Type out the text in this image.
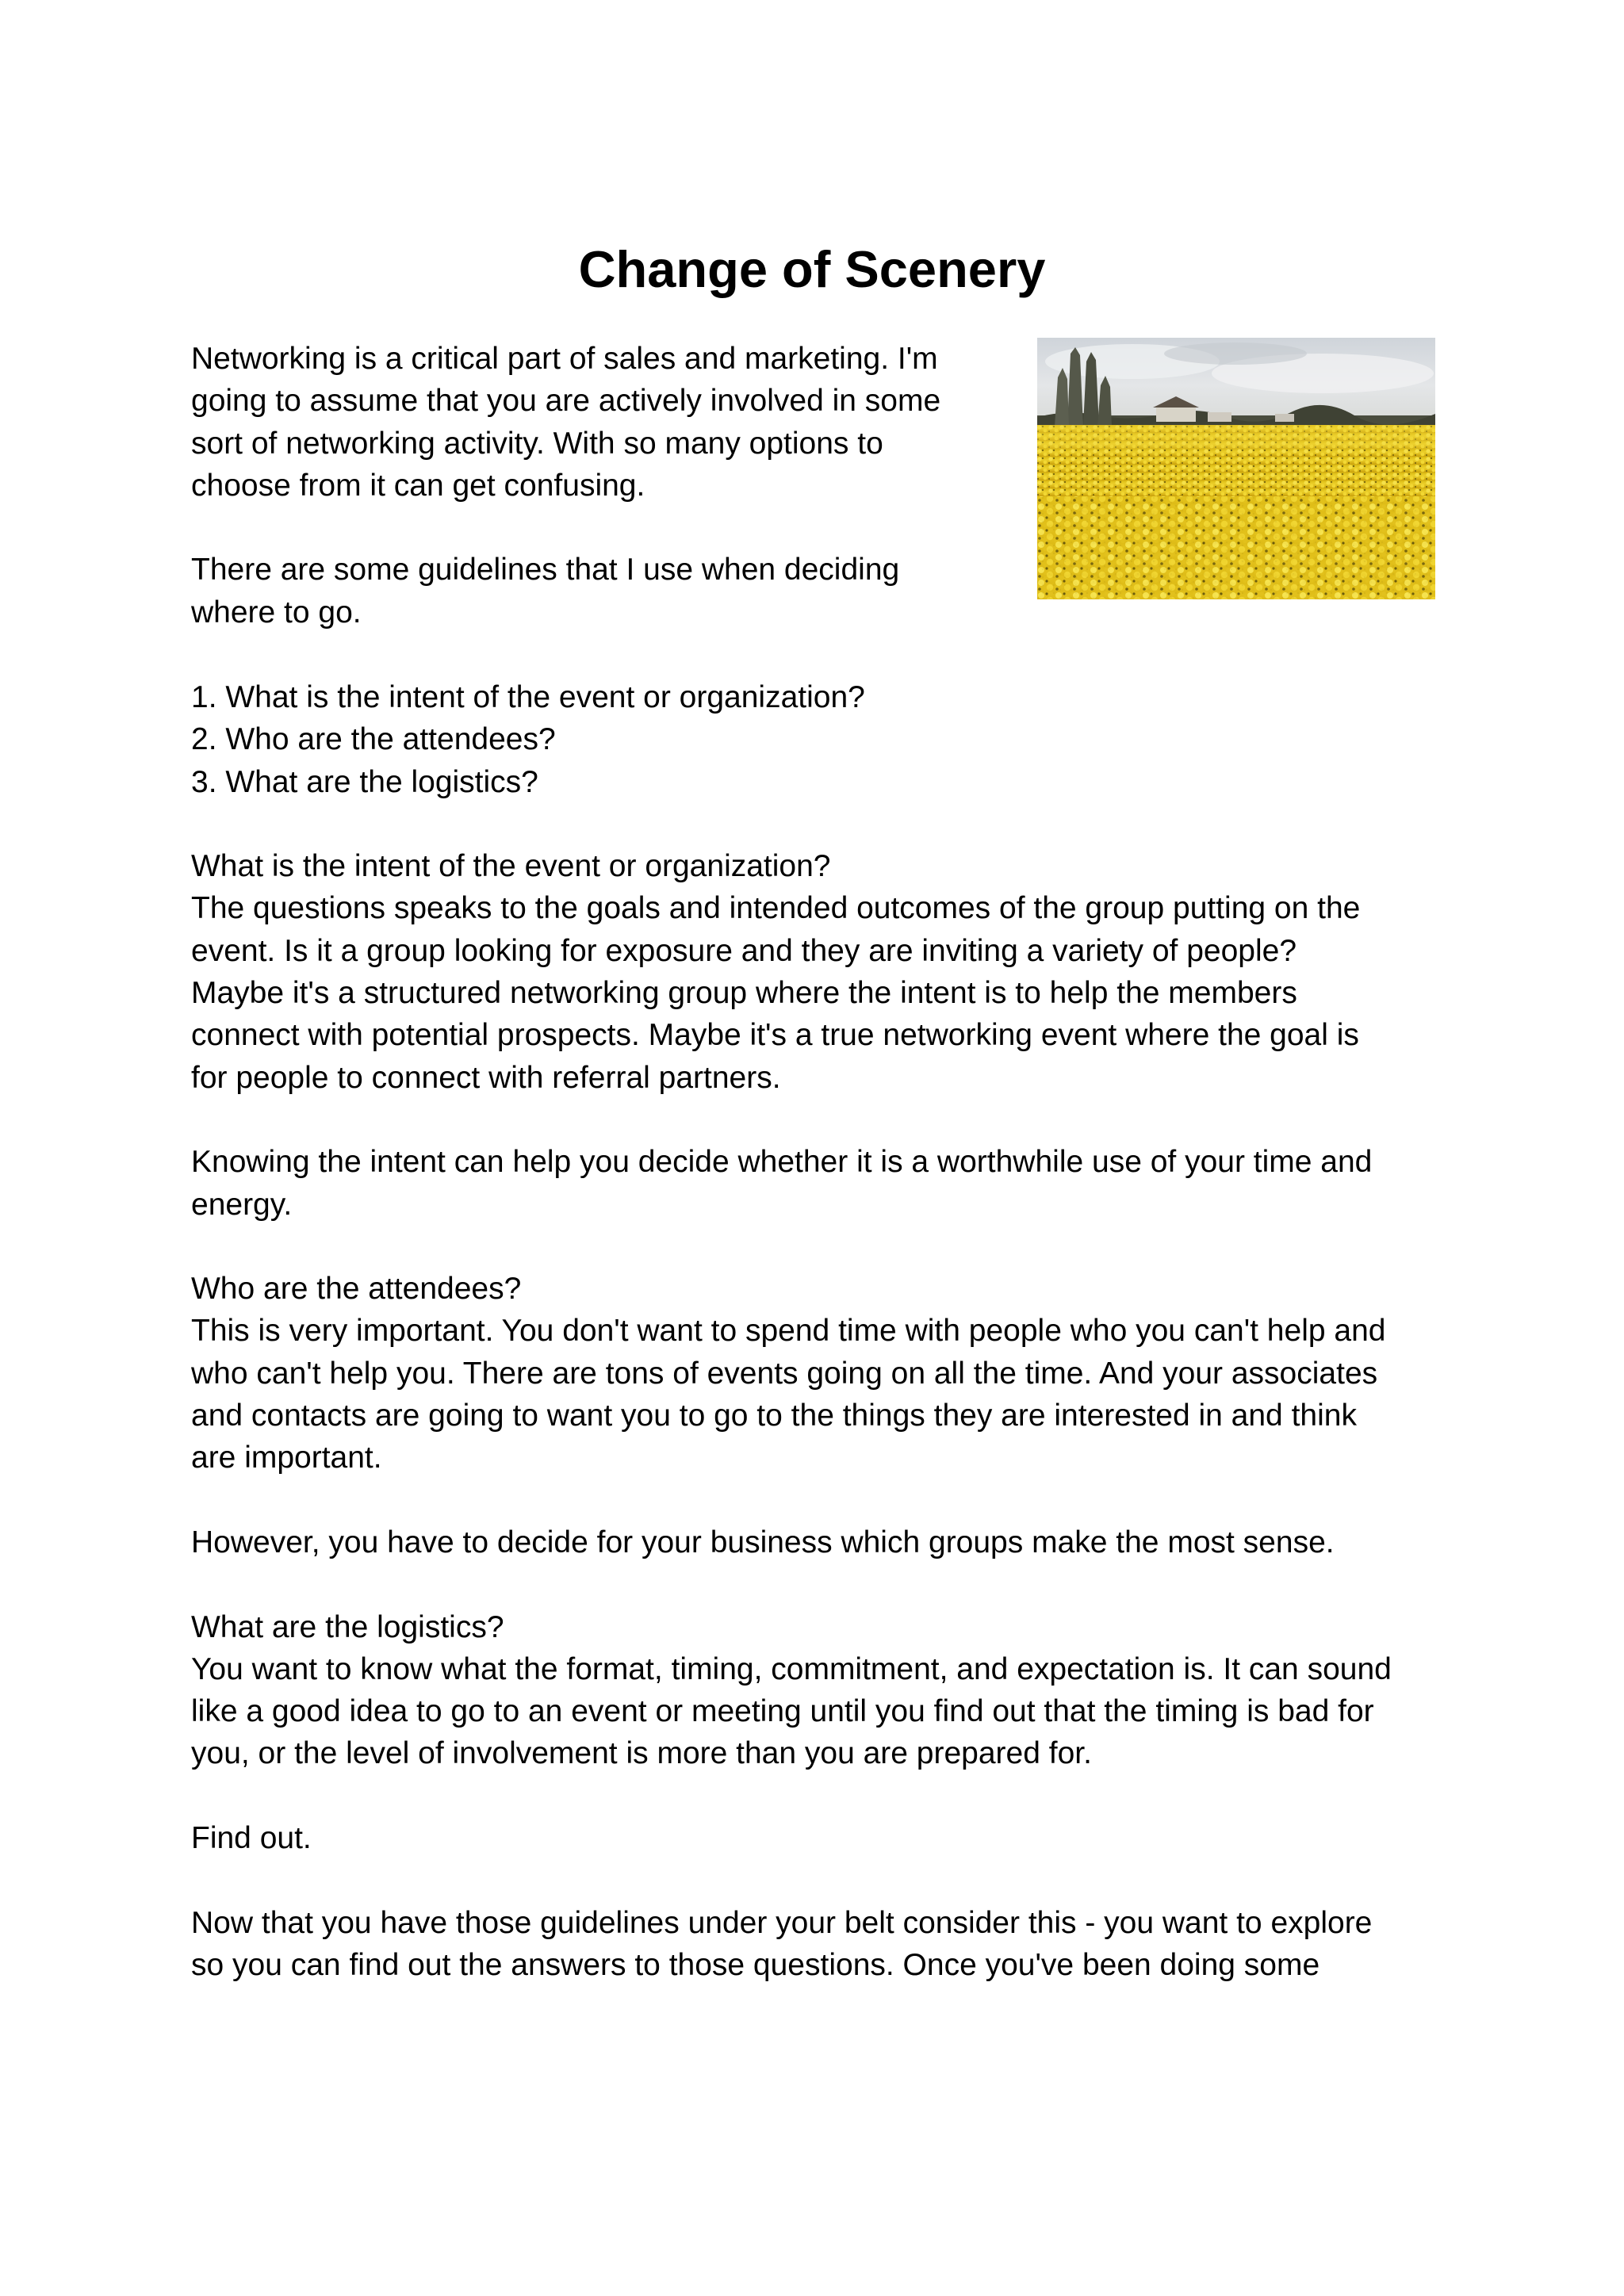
Change of Scenery
Networking is a critical part of sales and marketing. I'm
going to assume that you are actively involved in some
sort of networking activity. With so many options to
choose from it can get confusing.
There are some guidelines that I use when deciding
where to go.
1. What is the intent of the event or organization?
2. Who are the attendees?
3. What are the logistics?
What is the intent of the event or organization?
The questions speaks to the goals and intended outcomes of the group putting on the
event. Is it a group looking for exposure and they are inviting a variety of people?
Maybe it's a structured networking group where the intent is to help the members
connect with potential prospects. Maybe it's a true networking event where the goal is
for people to connect with referral partners.
Knowing the intent can help you decide whether it is a worthwhile use of your time and
energy.
Who are the attendees?
This is very important. You don't want to spend time with people who you can't help and
who can't help you. There are tons of events going on all the time. And your associates
and contacts are going to want you to go to the things they are interested in and think
are important.
However, you have to decide for your business which groups make the most sense.
What are the logistics?
You want to know what the format, timing, commitment, and expectation is. It can sound
like a good idea to go to an event or meeting until you find out that the timing is bad for
you, or the level of involvement is more than you are prepared for.
Find out.
Now that you have those guidelines under your belt consider this - you want to explore
so you can find out the answers to those questions. Once you've been doing some
